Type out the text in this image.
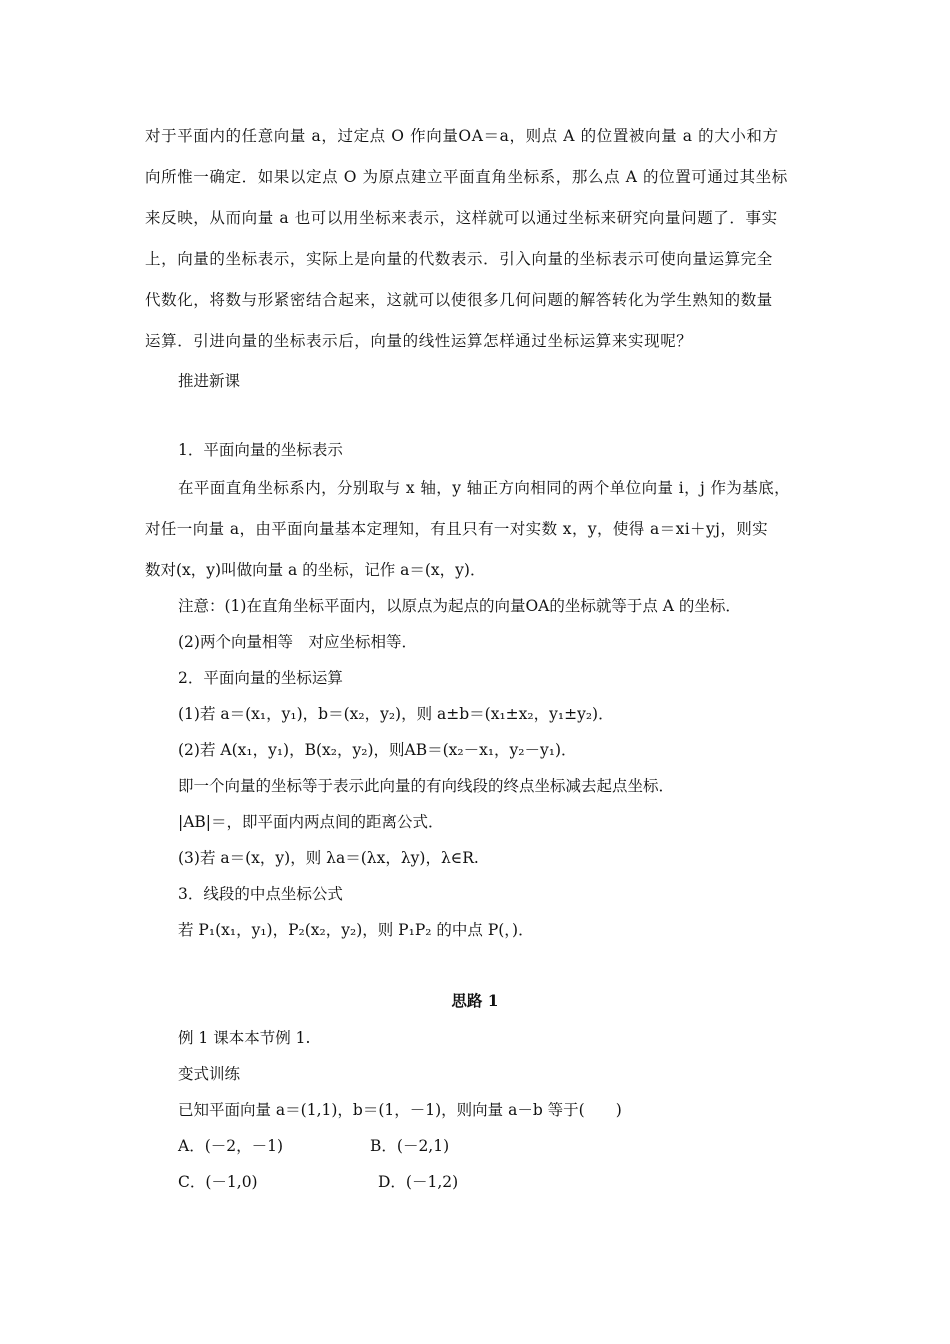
对于平面内的任意向量 a，过定点 O 作向量OA＝a，则点 A 的位置被向量 a 的大小和方
向所惟一确定．如果以定点 O 为原点建立平面直角坐标系，那么点 A 的位置可通过其坐标
来反映，从而向量 a 也可以用坐标来表示，这样就可以通过坐标来研究向量问题了．事实
上，向量的坐标表示，实际上是向量的代数表示．引入向量的坐标表示可使向量运算完全
代数化，将数与形紧密结合起来，这就可以使很多几何问题的解答转化为学生熟知的数量
运算．引进向量的坐标表示后，向量的线性运算怎样通过坐标运算来实现呢？
推进新课
1．平面向量的坐标表示
在平面直角坐标系内，分别取与 x 轴，y 轴正方向相同的两个单位向量 i，j 作为基底，
对任一向量 a，由平面向量基本定理知，有且只有一对实数 x，y，使得 a＝xi＋yj，则实
数对(x，y)叫做向量 a 的坐标，记作 a＝(x，y)．
注意：(1)在直角坐标平面内，以原点为起点的向量OA的坐标就等于点 A 的坐标．
(2)两个向量相等　对应坐标相等．
2．平面向量的坐标运算
(1)若 a＝(x₁，y₁)，b＝(x₂，y₂)，则 a±b＝(x₁±x₂，y₁±y₂)．
(2)若 A(x₁，y₁)，B(x₂，y₂)，则AB＝(x₂－x₁，y₂－y₁)．
即一个向量的坐标等于表示此向量的有向线段的终点坐标减去起点坐标．
|AB|＝，即平面内两点间的距离公式．
(3)若 a＝(x，y)，则 λa＝(λx，λy)，λ∈R.
3．线段的中点坐标公式
若 P₁(x₁，y₁)，P₂(x₂，y₂)，则 P₁P₂ 的中点 P(，)．
思路 1
例 1 课本本节例 1.
变式训练
已知平面向量 a＝(1,1)，b＝(1，－1)，则向量 a－b 等于(　　)
A．(－2，－1)	B．(－2,1)
C．(－1,0)	D．(－1,2)
